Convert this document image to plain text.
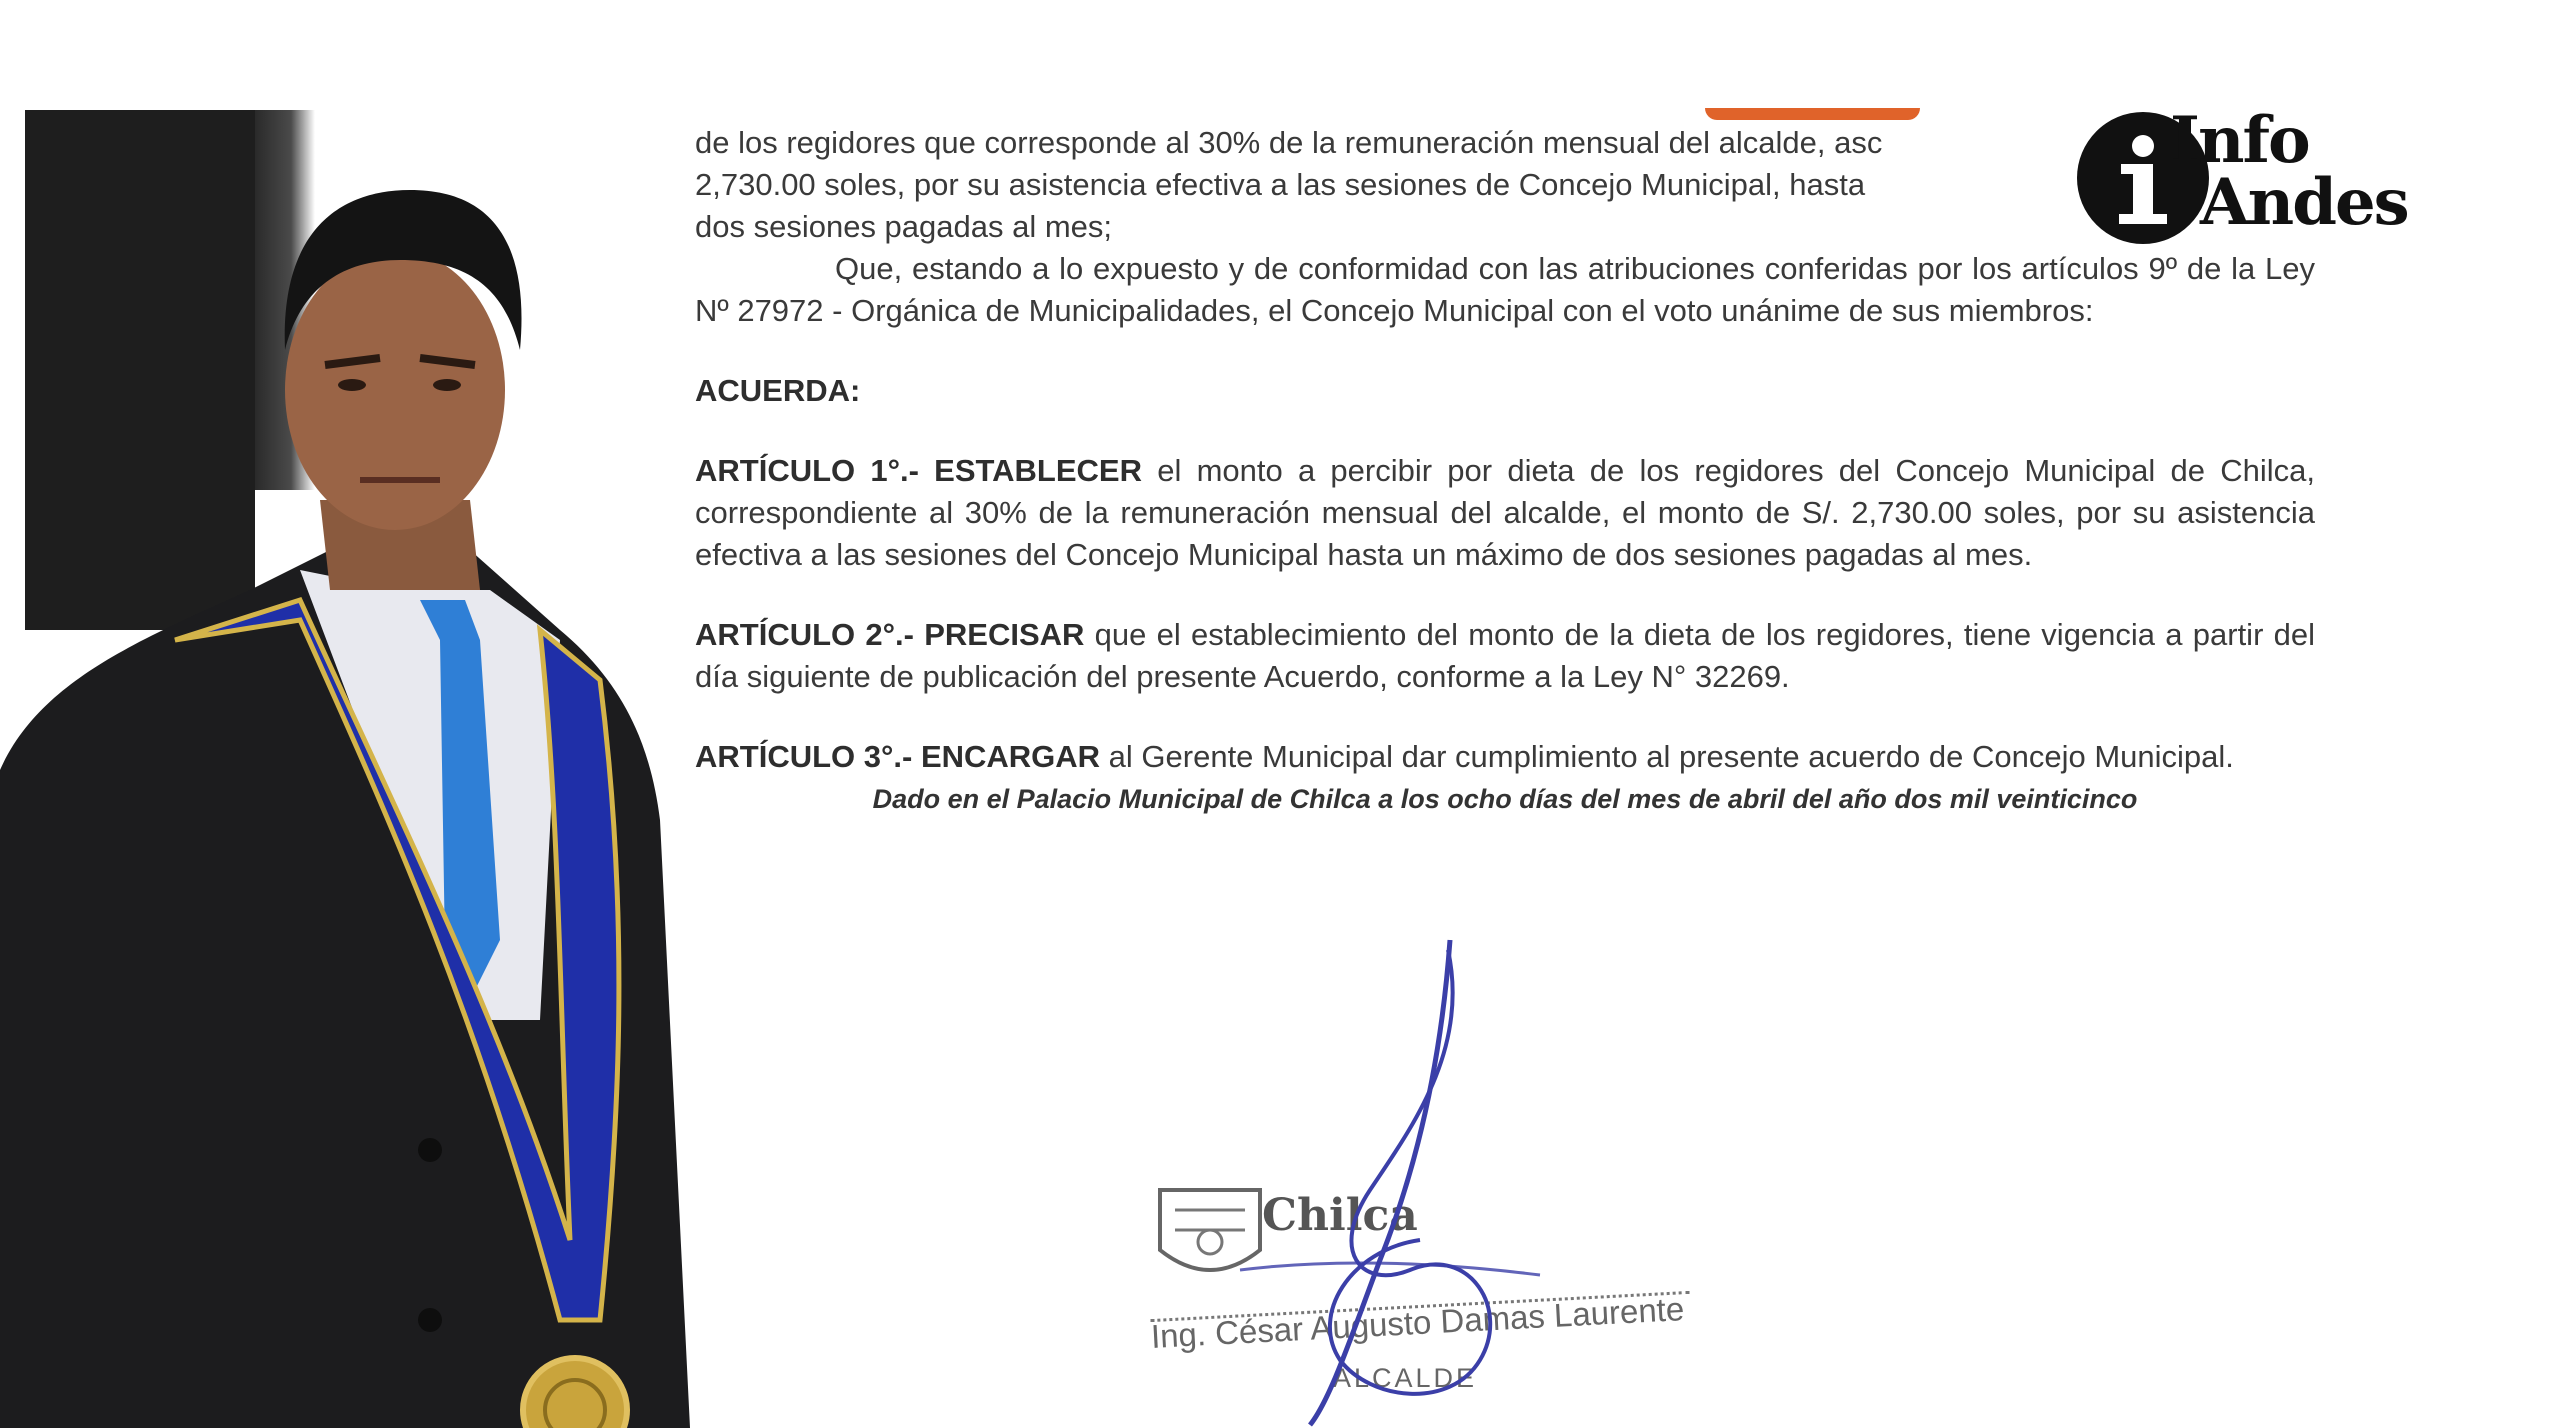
de los regidores que corresponde al 30% de la remuneración mensual del alcalde, asc

2,730.00 soles, por su asistencia efectiva a las sesiones de Concejo Municipal, hasta

dos sesiones pagadas al mes;

Que, estando a lo expuesto y de conformidad con las atribuciones conferidas por los artículos 9º de la Ley Nº 27972 - Orgánica de Municipalidades, el Concejo Municipal con el voto unánime de sus miembros:

ACUERDA:

ARTÍCULO 1°.- ESTABLECER el monto a percibir por dieta de los regidores del Concejo Municipal de Chilca, correspondiente al 30% de la remuneración mensual del alcalde, el monto de S/. 2,730.00 soles, por su asistencia efectiva a las sesiones del Concejo Municipal hasta un máximo de dos sesiones pagadas al mes.

ARTÍCULO 2°.- PRECISAR que el establecimiento del monto de la dieta de los regidores, tiene vigencia a partir del día siguiente de publicación del presente Acuerdo, conforme a la Ley N° 32269.

ARTÍCULO 3°.- ENCARGAR al Gerente Municipal dar cumplimiento al presente acuerdo de Concejo Municipal.

Dado en el Palacio Municipal de Chilca a los ocho días del mes de abril del año dos mil veinticinco

Info
Andes
Chilca
Ing. César Augusto Damas Laurente
ALCALDE
